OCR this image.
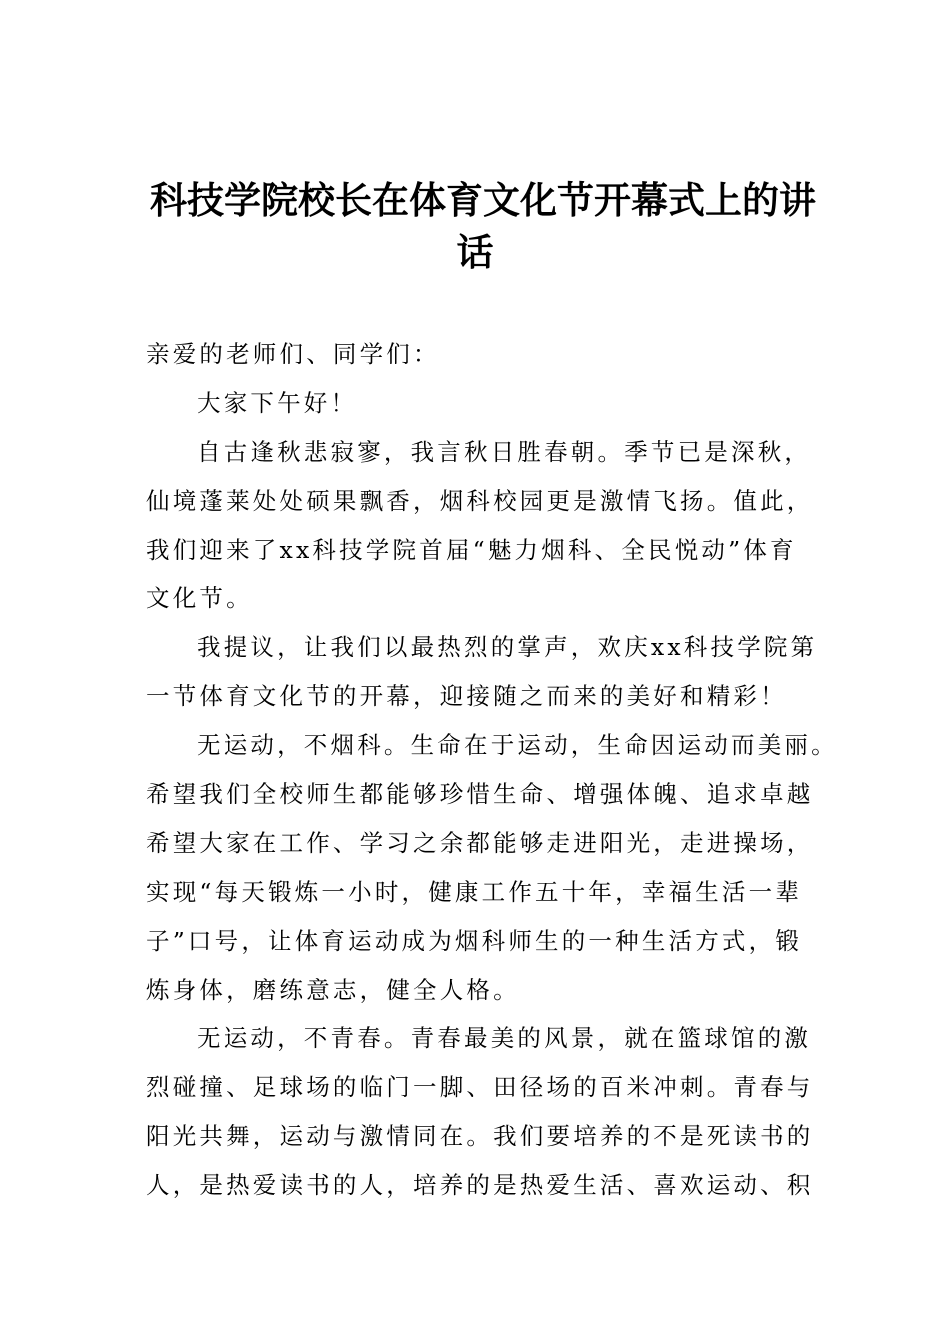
科技学院校长在体育文化节开幕式上的讲
话
亲爱的老师们、同学们：
大家下午好！
自古逢秋悲寂寥，我言秋日胜春朝。季节已是深秋，
仙境蓬莱处处硕果飘香，烟科校园更是激情飞扬。值此，
我们迎来了xx科技学院首届“魅力烟科、全民悦动”体育
文化节。
我提议，让我们以最热烈的掌声，欢庆xx科技学院第
一节体育文化节的开幕，迎接随之而来的美好和精彩！
无运动，不烟科。生命在于运动，生命因运动而美丽。
希望我们全校师生都能够珍惜生命、增强体魄、追求卓越
希望大家在工作、学习之余都能够走进阳光，走进操场，
实现“每天锻炼一小时，健康工作五十年，幸福生活一辈
子”口号，让体育运动成为烟科师生的一种生活方式，锻
炼身体，磨练意志，健全人格。
无运动，不青春。青春最美的风景，就在篮球馆的激
烈碰撞、足球场的临门一脚、田径场的百米冲刺。青春与
阳光共舞，运动与激情同在。我们要培养的不是死读书的
人，是热爱读书的人，培养的是热爱生活、喜欢运动、积
